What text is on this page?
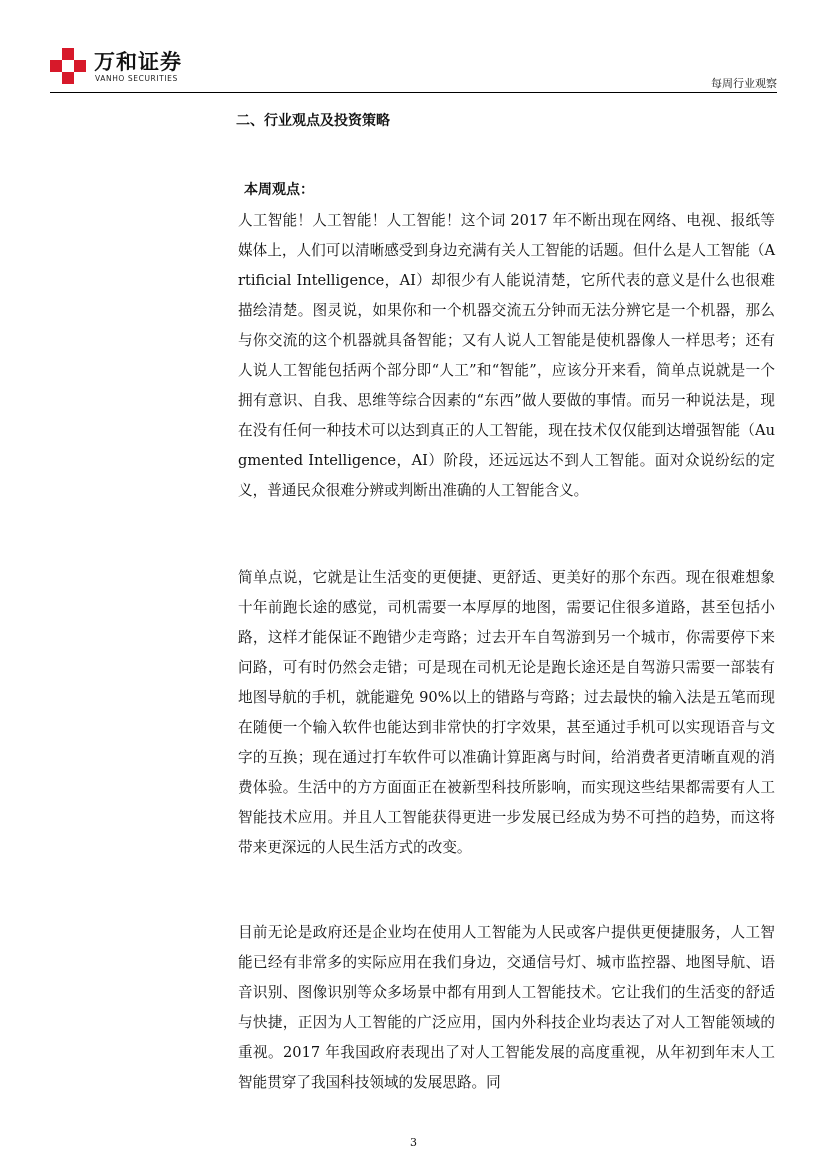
万和证券
VANHO SECURITIES	每周行业观察
二、行业观点及投资策略
本周观点：

人工智能！人工智能！人工智能！这个词 2017 年不断出现在网络、电视、报纸等媒体上，人们可以清晰感受到身边充满有关人工智能的话题。但什么是人工智能（Artificial Intelligence，AI）却很少有人能说清楚，它所代表的意义是什么也很难描绘清楚。图灵说，如果你和一个机器交流五分钟而无法分辨它是一个机器，那么与你交流的这个机器就具备智能；又有人说人工智能是使机器像人一样思考；还有人说人工智能包括两个部分即“人工”和“智能”，应该分开来看，简单点说就是一个拥有意识、自我、思维等综合因素的“东西”做人要做的事情。而另一种说法是，现在没有任何一种技术可以达到真正的人工智能，现在技术仅仅能到达增强智能（Augmented Intelligence，AI）阶段，还远远达不到人工智能。面对众说纷纭的定义，普通民众很难分辨或判断出准确的人工智能含义。

简单点说，它就是让生活变的更便捷、更舒适、更美好的那个东西。现在很难想象十年前跑长途的感觉，司机需要一本厚厚的地图，需要记住很多道路，甚至包括小路，这样才能保证不跑错少走弯路；过去开车自驾游到另一个城市，你需要停下来问路，可有时仍然会走错；可是现在司机无论是跑长途还是自驾游只需要一部装有地图导航的手机，就能避免 90%以上的错路与弯路；过去最快的输入法是五笔而现在随便一个输入软件也能达到非常快的打字效果，甚至通过手机可以实现语音与文字的互换；现在通过打车软件可以准确计算距离与时间，给消费者更清晰直观的消费体验。生活中的方方面面正在被新型科技所影响，而实现这些结果都需要有人工智能技术应用。并且人工智能获得更进一步发展已经成为势不可挡的趋势，而这将带来更深远的人民生活方式的改变。

目前无论是政府还是企业均在使用人工智能为人民或客户提供更便捷服务，人工智能已经有非常多的实际应用在我们身边，交通信号灯、城市监控器、地图导航、语音识别、图像识别等众多场景中都有用到人工智能技术。它让我们的生活变的舒适与快捷，正因为人工智能的广泛应用，国内外科技企业均表达了对人工智能领域的重视。2017 年我国政府表现出了对人工智能发展的高度重视，从年初到年末人工智能贯穿了我国科技领域的发展思路。同

3
